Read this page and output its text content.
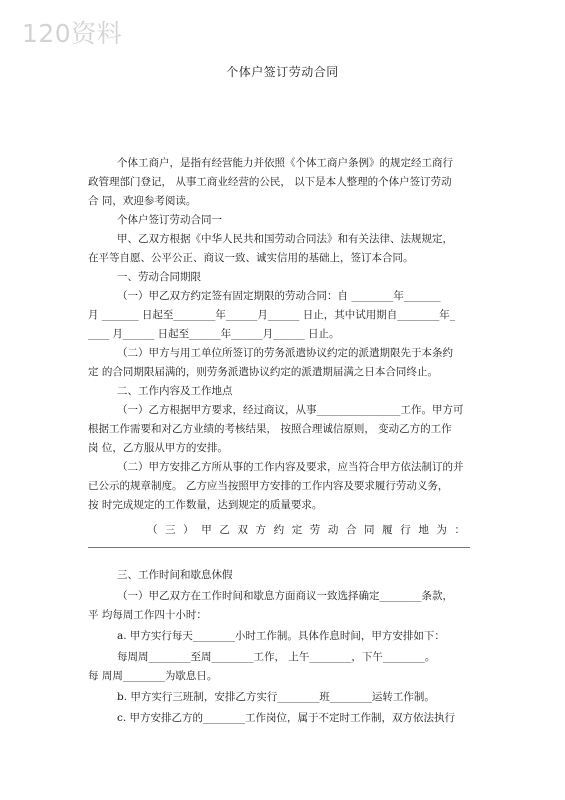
120资料
个体户签订劳动合同
个体工商户，是指有经营能力并依照《个体工商户条例》的规定经工商行
政管理部门登记， 从事工商业经营的公民， 以下是本人整理的个体户签订劳动
合 同，欢迎参考阅读。
个体户签订劳动合同一
甲、乙双方根据《中华人民共和国劳动合同法》和有关法律、法规规定，
在平等自愿、公平公正、商议一致、诚实信用的基础上，签订本合同。
一、劳动合同期限
（一）甲乙双方约定签有固定期限的劳动合同：自 ________年_______
月 _______ 日起至________年______月______ 日止，其中试用期自________年_
____ 月______ 日起至______年______月______ 日止。
（二）甲方与用工单位所签订的劳务派遣协议约定的派遣期限先于本条约
定 的合同期限届满的，则劳务派遣协议约定的派遣期届满之日本合同终止。
二、工作内容及工作地点
（一）乙方根据甲方要求，经过商议，从事________________工作。甲方可
根据工作需要和对乙方业绩的考核结果， 按照合理诚信原则， 变动乙方的工作
岗 位，乙方服从甲方的安排。
（二）甲方安排乙方所从事的工作内容及要求，应当符合甲方依法制订的并
已公示的规章制度。 乙方应当按照甲方安排的工作内容及要求履行劳动义务，
按 时完成规定的工作数量，达到规定的质量要求。
（三）甲乙双方约定劳动合同履行地为：
三、工作时间和歇息休假
（一）甲乙双方在工作时间和歇息方面商议一致选择确定________条款，
平 均每周工作四十小时：
a. 甲方实行每天________小时工作制。具体作息时间，甲方安排如下：
每周周________至周________工作， 上午________，下午________。
每 周周________为歇息日。
b. 甲方实行三班制，安排乙方实行________班________运转工作制。
c. 甲方安排乙方的________工作岗位，属于不定时工作制，双方依法执行
